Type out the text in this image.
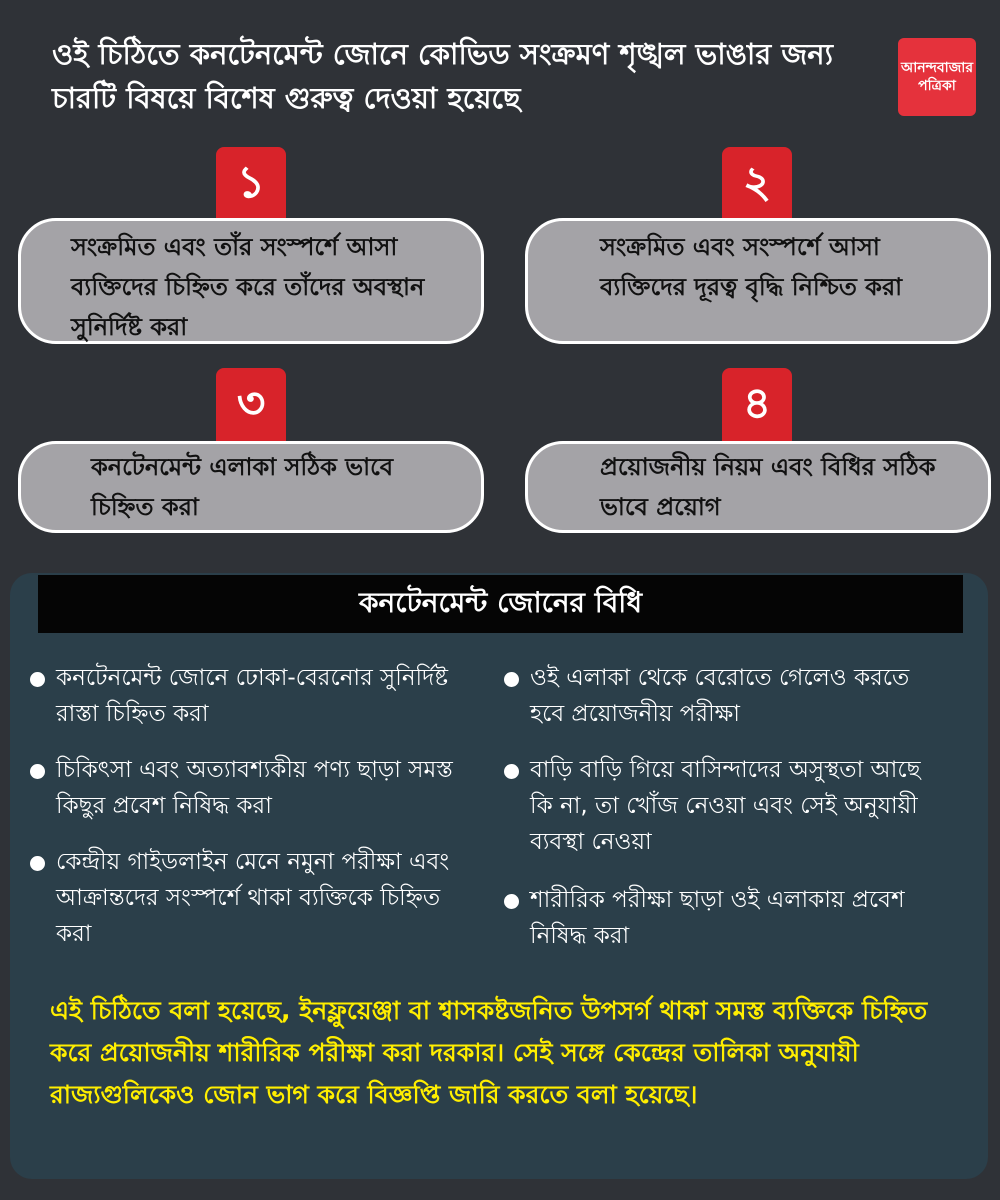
ওই চিঠিতে কনটেনমেন্ট জোনে কোভিড সংক্রমণ শৃঙ্খল ভাঙার জন্য চারটি বিষয়ে বিশেষ গুরুত্ব দেওয়া হয়েছে
আনন্দবাজার
পত্রিকা
১
সংক্রমিত এবং তাঁর সংস্পর্শে আসা ব্যক্তিদের চিহ্নিত করে তাঁদের অবস্থান সুনির্দিষ্ট করা
২
সংক্রমিত এবং সংস্পর্শে আসা ব্যক্তিদের দূরত্ব বৃদ্ধি নিশ্চিত করা
৩
কনটেনমেন্ট এলাকা সঠিক ভাবে চিহ্নিত করা
৪
প্রয়োজনীয় নিয়ম এবং বিধির সঠিক ভাবে প্রয়োগ
কনটেনমেন্ট জোনের বিধি
কনটেনমেন্ট জোনে ঢোকা-বেরনোর সুনির্দিষ্ট রাস্তা চিহ্নিত করা
চিকিৎসা এবং অত্যাবশ্যকীয় পণ্য ছাড়া সমস্ত কিছুর প্রবেশ নিষিদ্ধ করা
কেন্দ্রীয় গাইডলাইন মেনে নমুনা পরীক্ষা এবং আক্রান্তদের সংস্পর্শে থাকা ব্যক্তিকে চিহ্নিত করা
ওই এলাকা থেকে বেরোতে গেলেও করতে হবে প্রয়োজনীয় পরীক্ষা
বাড়ি বাড়ি গিয়ে বাসিন্দাদের অসুস্থতা আছে কি না, তা খোঁজ নেওয়া এবং সেই অনুযায়ী ব্যবস্থা নেওয়া
শারীরিক পরীক্ষা ছাড়া ওই এলাকায় প্রবেশ নিষিদ্ধ করা
এই চিঠিতে বলা হয়েছে, ইনফ্লুয়েঞ্জা বা শ্বাসকষ্টজনিত উপসর্গ থাকা সমস্ত ব্যক্তিকে চিহ্নিত করে প্রয়োজনীয় শারীরিক পরীক্ষা করা দরকার। সেই সঙ্গে কেন্দ্রের তালিকা অনুযায়ী রাজ্যগুলিকেও জোন ভাগ করে বিজ্ঞপ্তি জারি করতে বলা হয়েছে।
